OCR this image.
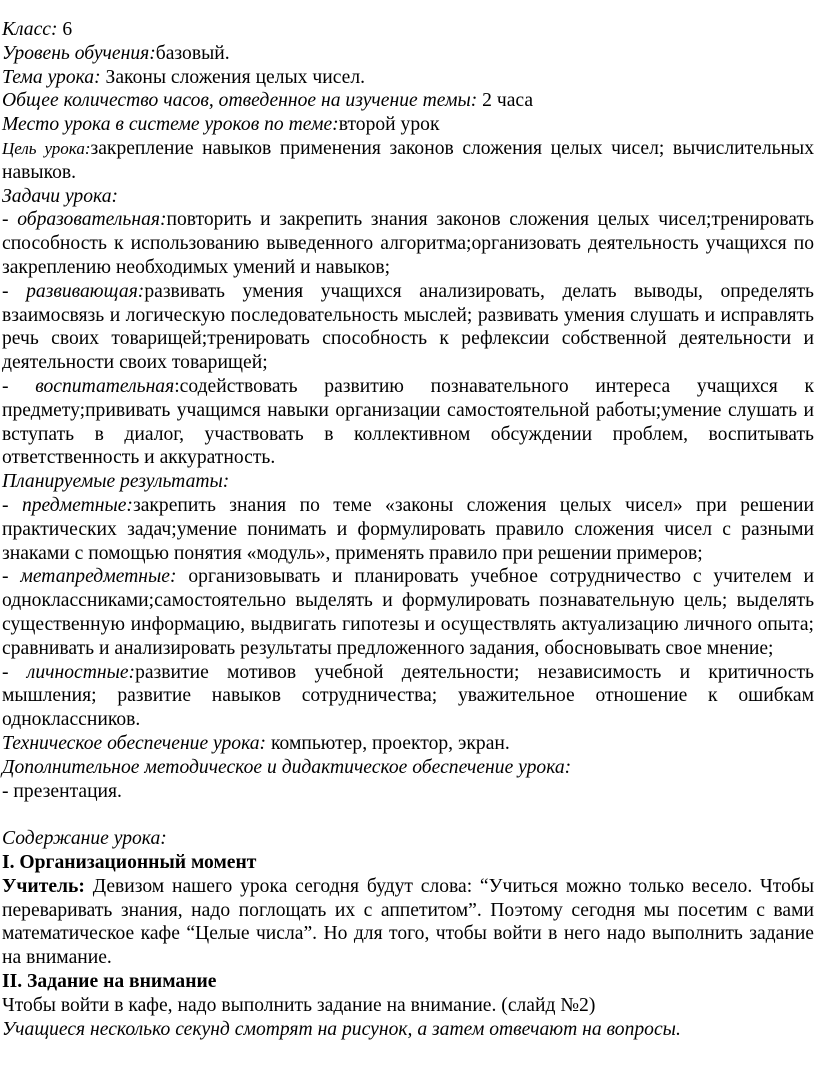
Класс: 6

Уровень обучения:базовый.

Тема урока: Законы сложения целых чисел.

Общее количество часов, отведенное на изучение темы: 2 часа

Место урока в системе уроков по теме:второй урок

Цель урока:закрепление навыков применения законов сложения целых чисел; вычислительных навыков.

Задачи урока:

- образовательная:повторить и закрепить знания законов сложения целых чисел;тренировать способность к использованию выведенного алгоритма;организовать деятельность учащихся по закреплению необходимых умений и навыков;

- развивающая:развивать умения учащихся анализировать, делать выводы, определять взаимосвязь и логическую последовательность мыслей; развивать умения слушать и исправлять речь своих товарищей;тренировать способность к рефлексии собственной деятельности и деятельности своих товарищей;

- воспитательная:содействовать развитию познавательного интереса учащихся к предмету;прививать учащимся навыки организации самостоятельной работы;умение слушать и вступать в диалог, участвовать в коллективном обсуждении проблем, воспитывать ответственность и аккуратность.

Планируемые результаты:

- предметные:закрепить знания по теме «законы сложения целых чисел» при решении практических задач;умение понимать и формулировать правило сложения чисел с разными знаками с помощью понятия «модуль», применять правило при решении примеров;

- метапредметные: организовывать и планировать учебное сотрудничество с учителем и одноклассниками;самостоятельно выделять и формулировать познавательную цель; выделять существенную информацию, выдвигать гипотезы и осуществлять актуализацию личного опыта; сравнивать и анализировать результаты предложенного задания, обосновывать свое мнение;

- личностные:развитие мотивов учебной деятельности; независимость и критичность мышления; развитие навыков сотрудничества; уважительное отношение к ошибкам одноклассников.

Техническое обеспечение урока: компьютер, проектор, экран.

Дополнительное методическое и дидактическое обеспечение урока:

- презентация.

Содержание урока:

I. Организационный момент

Учитель: Девизом нашего урока сегодня будут слова: “Учиться можно только весело. Чтобы переваривать знания, надо поглощать их с аппетитом”. Поэтому сегодня мы посетим с вами математическое кафе “Целые числа”. Но для того, чтобы войти в него надо выполнить задание на внимание.

II. Задание на внимание

Чтобы войти в кафе, надо выполнить задание на внимание. (слайд №2)

Учащиеся несколько секунд смотрят на рисунок, а затем отвечают на вопросы.
